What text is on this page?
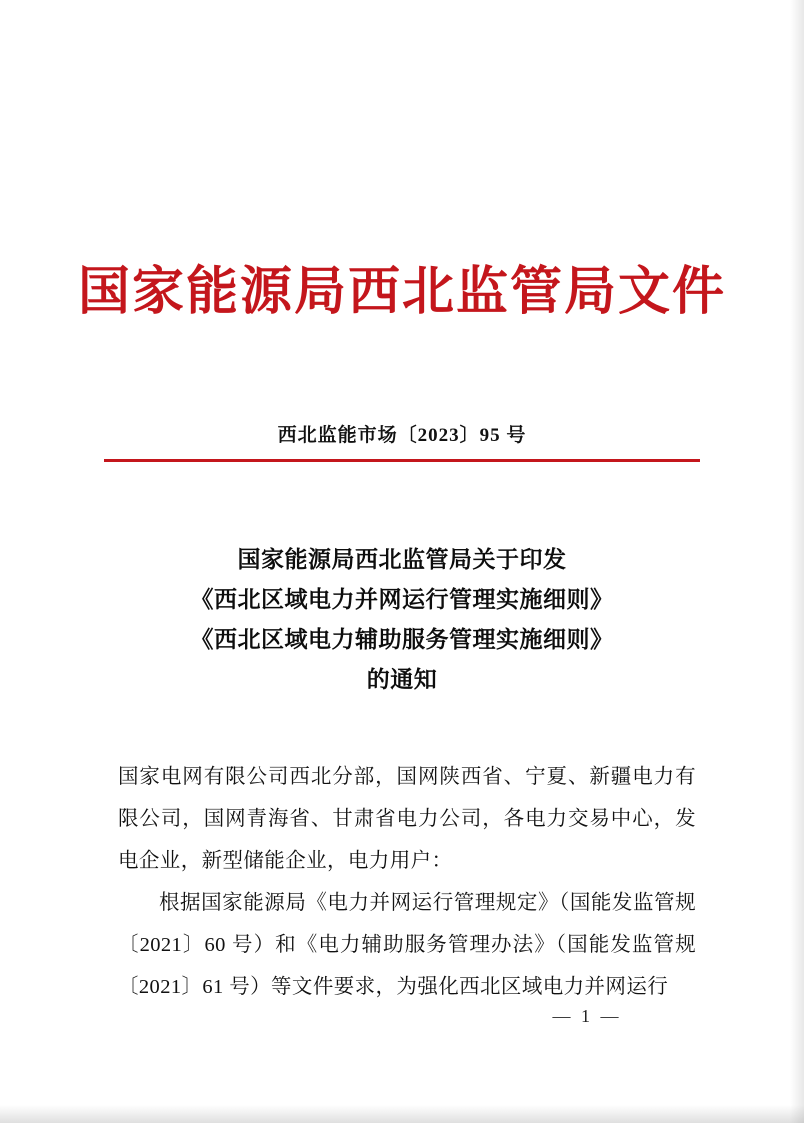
国家能源局西北监管局文件
西北监能市场〔2023〕95 号
国家能源局西北监管局关于印发
《西北区域电力并网运行管理实施细则》
《西北区域电力辅助服务管理实施细则》
的通知

国家电网有限公司西北分部，国网陕西省、宁夏、新疆电力有限公司，国网青海省、甘肃省电力公司，各电力交易中心，发电企业，新型储能企业，电力用户：

根据国家能源局《电力并网运行管理规定》（国能发监管规〔2021〕60 号）和《电力辅助服务管理办法》（国能发监管规〔2021〕61 号）等文件要求，为强化西北区域电力并网运行

— 1 —
